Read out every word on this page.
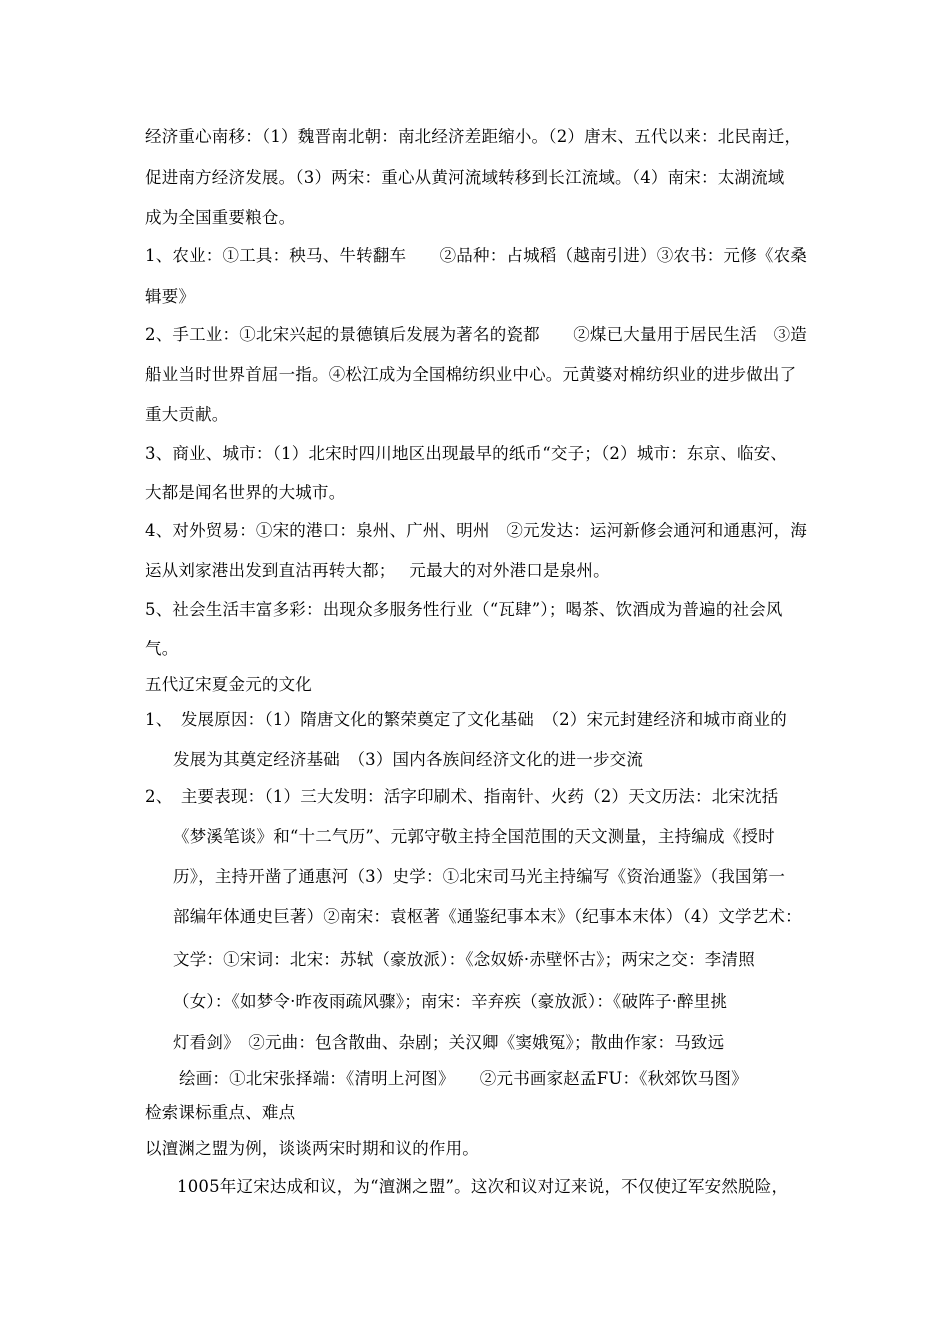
经济重心南移：（1）魏晋南北朝：南北经济差距缩小。（2）唐末、五代以来：北民南迁，
促进南方经济发展。（3）两宋：重心从黄河流域转移到长江流域。（4）南宋：太湖流域
成为全国重要粮仓。
1、农业：①工具：秧马、牛转翻车　　②品种：占城稻（越南引进）③农书：元修《农桑
辑要》
2、手工业：①北宋兴起的景德镇后发展为著名的瓷都　　②煤已大量用于居民生活　③造
船业当时世界首屈一指。④松江成为全国棉纺织业中心。元黄婆对棉纺织业的进步做出了
重大贡献。
3、商业、城市：（1）北宋时四川地区出现最早的纸币“交子；（2）城市：东京、临安、
大都是闻名世界的大城市。
4、对外贸易：①宋的港口：泉州、广州、明州　②元发达：运河新修会通河和通惠河，海
运从刘家港出发到直沽再转大都；　 元最大的对外港口是泉州。
5、社会生活丰富多彩：出现众多服务性行业（“瓦肆”）；喝茶、饮酒成为普遍的社会风
气。
五代辽宋夏金元的文化
1、　发展原因：（1）隋唐文化的繁荣奠定了文化基础　（2）宋元封建经济和城市商业的
发展为其奠定经济基础　（3）国内各族间经济文化的进一步交流
2、　主要表现：（1）三大发明：活字印刷术、指南针、火药（2）天文历法：北宋沈括
《梦溪笔谈》和“十二气历”、元郭守敬主持全国范围的天文测量，主持编成《授时
历》，主持开凿了通惠河（3）史学：①北宋司马光主持编写《资治通鉴》（我国第一
部编年体通史巨著）②南宋：袁枢著《通鉴纪事本末》（纪事本末体）（4）文学艺术：
文学：①宋词：北宋：苏轼（豪放派）：《念奴娇·赤壁怀古》；两宋之交：李清照
（女）：《如梦令·昨夜雨疏风骤》；南宋：辛弃疾（豪放派）：《破阵子·醉里挑
灯看剑》　②元曲：包含散曲、杂剧；关汉卿《窦娥冤》；散曲作家：马致远
绘画：①北宋张择端：《清明上河图》　　②元书画家赵孟FU：《秋郊饮马图》
检索课标重点、难点
以澶渊之盟为例，谈谈两宋时期和议的作用。
1005年辽宋达成和议，为“澶渊之盟”。这次和议对辽来说，不仅使辽军安然脱险，
